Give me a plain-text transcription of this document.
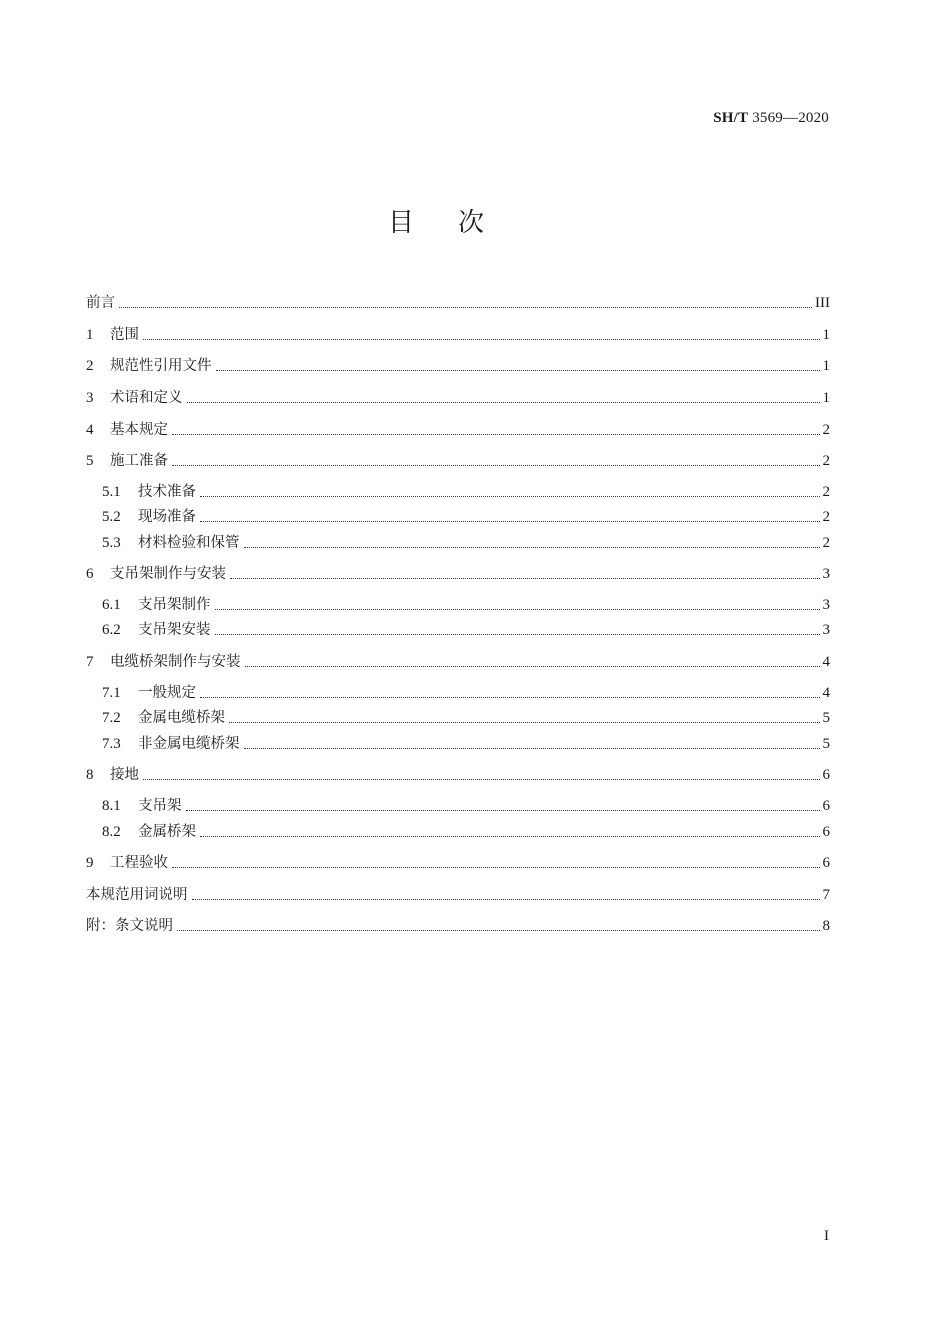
SH/T 3569—2020
目次
前言	III
1	范围	1
2	规范性引用文件	1
3	术语和定义	1
4	基本规定	2
5	施工准备	2
5.1	技术准备	2
5.2	现场准备	2
5.3	材料检验和保管	2
6	支吊架制作与安装	3
6.1	支吊架制作	3
6.2	支吊架安装	3
7	电缆桥架制作与安装	4
7.1	一般规定	4
7.2	金属电缆桥架	5
7.3	非金属电缆桥架	5
8	接地	6
8.1	支吊架	6
8.2	金属桥架	6
9	工程验收	6
本规范用词说明	7
附：条文说明	8
I
